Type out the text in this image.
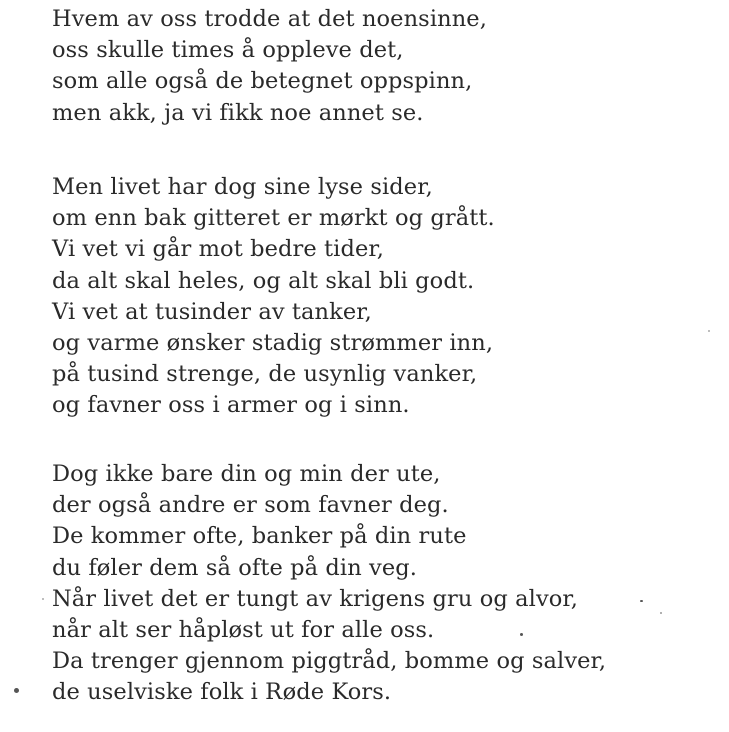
Hvem av oss trodde at det noensinne,
oss skulle times å oppleve det,
som alle også de betegnet oppspinn,
men akk, ja vi fikk noe annet se.
Men livet har dog sine lyse sider,
om enn bak gitteret er mørkt og grått.
Vi vet vi går mot bedre tider,
da alt skal heles, og alt skal bli godt.
Vi vet at tusinder av tanker,
og varme ønsker stadig strømmer inn,
på tusind strenge, de usynlig vanker,
og favner oss i armer og i sinn.
Dog ikke bare din og min der ute,
der også andre er som favner deg.
De kommer ofte, banker på din rute
du føler dem så ofte på din veg.
Når livet det er tungt av krigens gru og alvor,
når alt ser håpløst ut for alle oss.
Da trenger gjennom piggtråd, bomme og salver,
de uselviske folk i Røde Kors.
